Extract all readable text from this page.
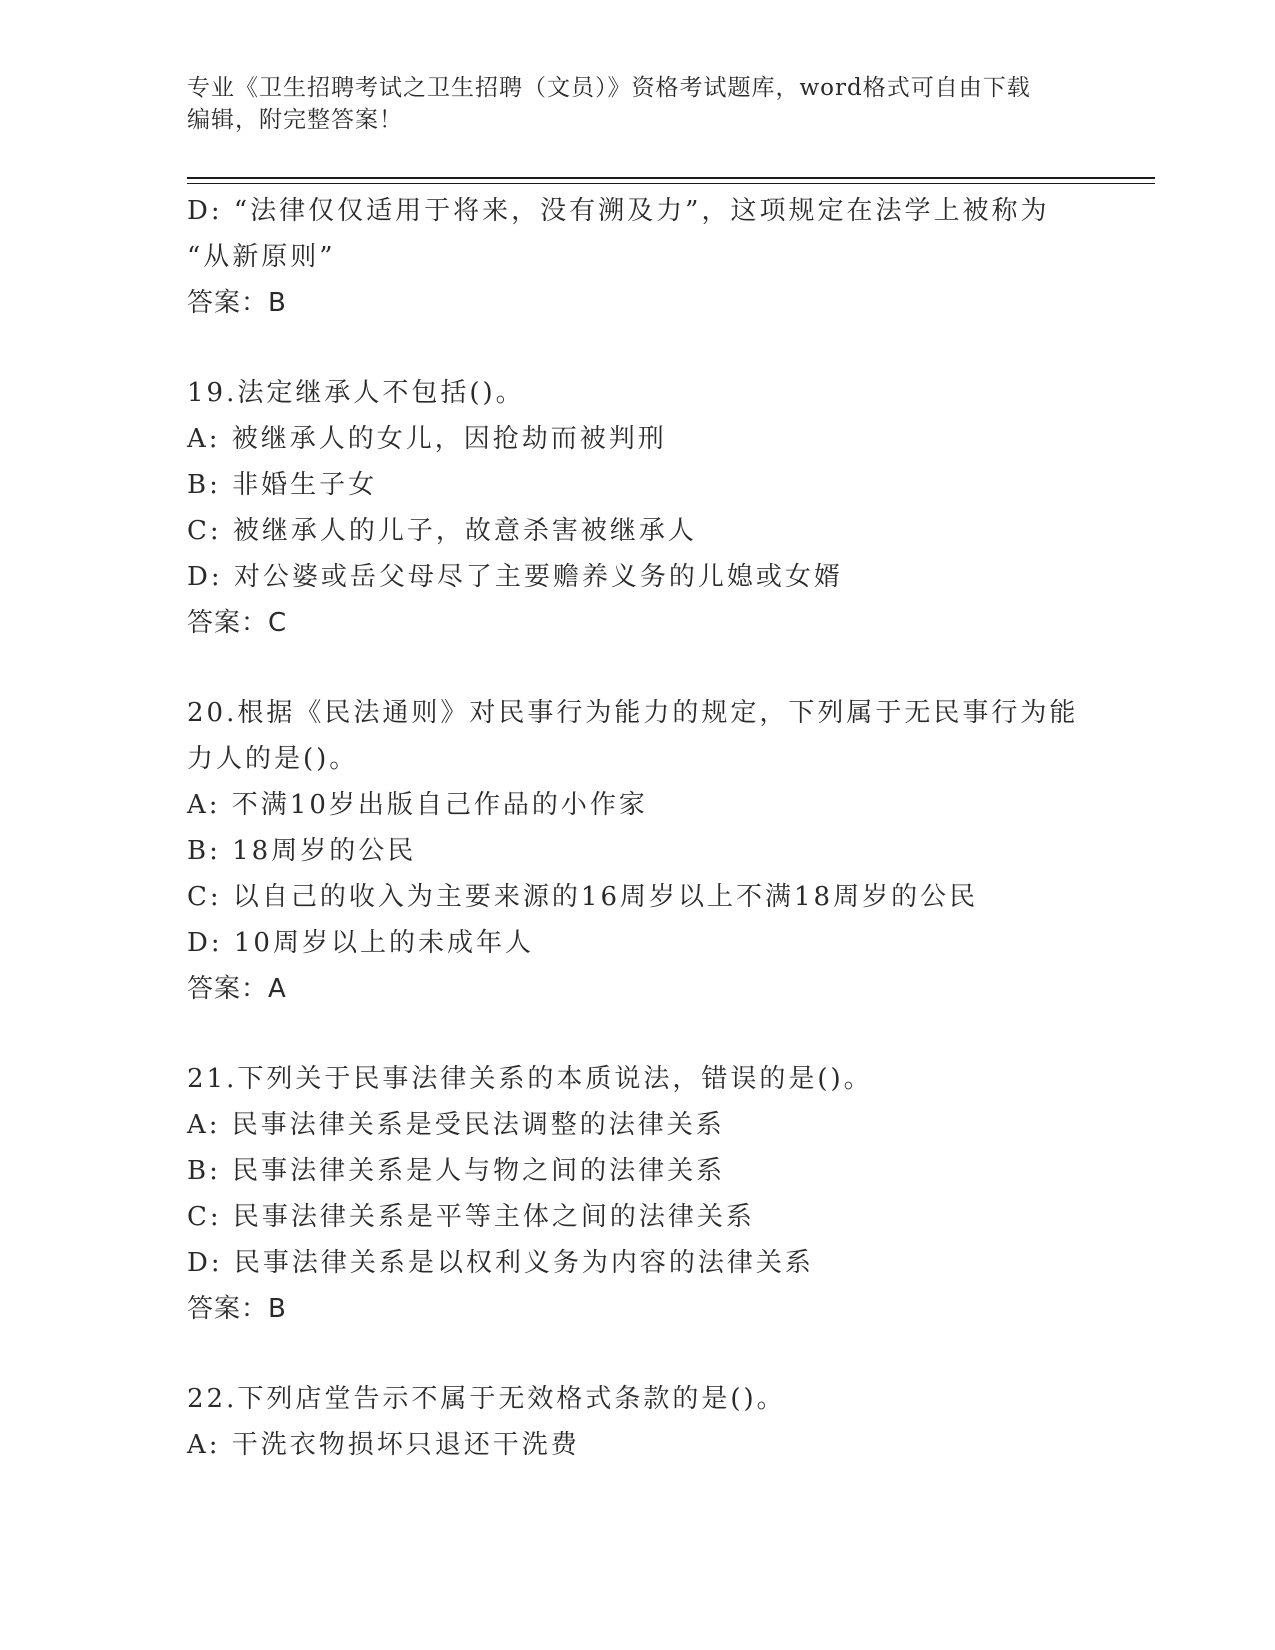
专业《卫生招聘考试之卫生招聘（文员）》资格考试题库，word格式可自由下载
编辑，附完整答案！
D: “法律仅仅适用于将来，没有溯及力”，这项规定在法学上被称为
“从新原则”
答案：B
19.法定继承人不包括()。
A: 被继承人的女儿，因抢劫而被判刑
B: 非婚生子女
C: 被继承人的儿子，故意杀害被继承人
D: 对公婆或岳父母尽了主要赡养义务的儿媳或女婿
答案：C
20.根据《民法通则》对民事行为能力的规定，下列属于无民事行为能
力人的是()。
A: 不满10岁出版自己作品的小作家
B: 18周岁的公民
C: 以自己的收入为主要来源的16周岁以上不满18周岁的公民
D: 10周岁以上的未成年人
答案：A
21.下列关于民事法律关系的本质说法，错误的是()。
A: 民事法律关系是受民法调整的法律关系
B: 民事法律关系是人与物之间的法律关系
C: 民事法律关系是平等主体之间的法律关系
D: 民事法律关系是以权利义务为内容的法律关系
答案：B
22.下列店堂告示不属于无效格式条款的是()。
A: 干洗衣物损坏只退还干洗费
